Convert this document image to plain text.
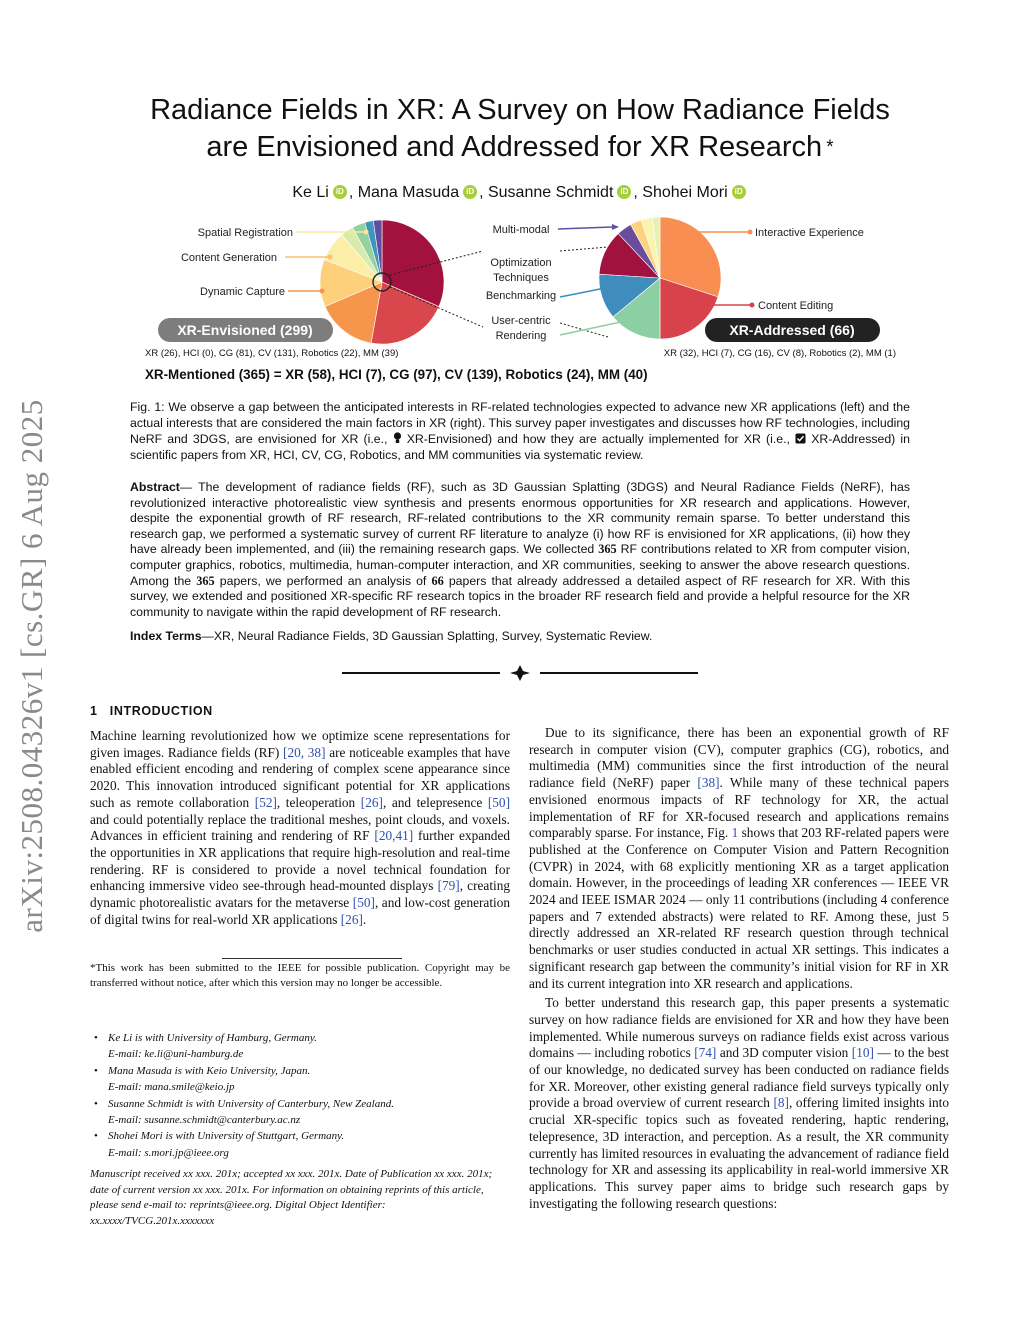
arXiv:2508.04326v1 [cs.GR] 6 Aug 2025
Radiance Fields in XR: A Survey on How Radiance Fields
are Envisioned and Addressed for XR Research *
Ke Li iD , Mana Masuda iD , Susanne Schmidt iD , Shohei Mori iD
Spatial Registration
Content Generation
Dynamic Capture
Multi-modal
Optimization
Techniques
Benchmarking
User-centric
Rendering
Interactive Experience
Content Editing
XR-Envisioned (299)	XR-Addressed (66)
XR (26), HCI (0), CG (81), CV (131), Robotics (22), MM (39)	XR (32), HCI (7), CG (16), CV (8), Robotics (2), MM (1)
XR-Mentioned (365) = XR (58), HCI (7), CG (97), CV (139), Robotics (24), MM (40)
Fig. 1: We observe a gap between the anticipated interests in RF-related technologies expected to advance new XR applications (left) and the actual interests that are considered the main factors in XR (right). This survey paper investigates and discusses how RF technologies, including NeRF and 3DGS, are envisioned for XR (i.e., XR-Envisioned) and how they are actually implemented for XR (i.e., XR-Addressed) in scientific papers from XR, HCI, CV, CG, Robotics, and MM communities via systematic review.
Abstract— The development of radiance fields (RF), such as 3D Gaussian Splatting (3DGS) and Neural Radiance Fields (NeRF), has revolutionized interactive photorealistic view synthesis and presents enormous opportunities for XR research and applications. However, despite the exponential growth of RF research, RF-related contributions to the XR community remain sparse. To better understand this research gap, we performed a systematic survey of current RF literature to analyze (i) how RF is envisioned for XR applications, (ii) how they have already been implemented, and (iii) the remaining research gaps. We collected 365 RF contributions related to XR from computer vision, computer graphics, robotics, multimedia, human-computer interaction, and XR communities, seeking to answer the above research questions. Among the 365 papers, we performed an analysis of 66 papers that already addressed a detailed aspect of RF research for XR. With this survey, we extended and positioned XR-specific RF research topics in the broader RF research field and provide a helpful resource for the XR community to navigate within the rapid development of RF research.
Index Terms—XR, Neural Radiance Fields, 3D Gaussian Splatting, Survey, Systematic Review.
1 INTRODUCTION

Machine learning revolutionized how we optimize scene representations for given images. Radiance fields (RF) [20, 38] are noticeable examples that have enabled efficient encoding and rendering of complex scene appearance since 2020. This innovation introduced significant potential for XR applications such as remote collaboration [52], teleoperation [26], and telepresence [50] and could potentially replace the traditional meshes, point clouds, and voxels. Advances in efficient training and rendering of RF [20,41] further expanded the opportunities in XR applications that require high-resolution and real-time rendering. RF is considered to provide a novel technical foundation for enhancing immersive video see-through head-mounted displays [79], creating dynamic photorealistic avatars for the metaverse [50], and low-cost generation of digital twins for real-world XR applications [26].

*This work has been submitted to the IEEE for possible publication. Copyright may be transferred without notice, after which this version may no longer be accessible.
• Ke Li is with University of Hamburg, Germany.
E-mail: ke.li@uni-hamburg.de
• Mana Masuda is with Keio University, Japan.
E-mail: mana.smile@keio.jp
• Susanne Schmidt is with University of Canterbury, New Zealand.
E-mail: susanne.schmidt@canterbury.ac.nz
• Shohei Mori is with University of Stuttgart, Germany.
E-mail: s.mori.jp@ieee.org
Manuscript received xx xxx. 201x; accepted xx xxx. 201x. Date of Publication xx xxx. 201x; date of current version xx xxx. 201x. For information on obtaining reprints of this article, please send e-mail to: reprints@ieee.org. Digital Object Identifier: xx.xxxx/TVCG.201x.xxxxxxx

Due to its significance, there has been an exponential growth of RF research in computer vision (CV), computer graphics (CG), robotics, and multimedia (MM) communities since the first introduction of the neural radiance field (NeRF) paper [38]. While many of these technical papers envisioned enormous impacts of RF technology for XR, the actual implementation of RF for XR-focused research and applications remains comparably sparse. For instance, Fig. 1 shows that 203 RF-related papers were published at the Conference on Computer Vision and Pattern Recognition (CVPR) in 2024, with 68 explicitly mentioning XR as a target application domain. However, in the proceedings of leading XR conferences — IEEE VR 2024 and IEEE ISMAR 2024 — only 11 contributions (including 4 conference papers and 7 extended abstracts) were related to RF. Among these, just 5 directly addressed an XR-related RF research question through technical benchmarks or user studies conducted in actual XR settings. This indicates a significant research gap between the community’s initial vision for RF in XR and its current integration into XR research and applications.

To better understand this research gap, this paper presents a systematic survey on how radiance fields are envisioned for XR and how they have been implemented. While numerous surveys on radiance fields exist across various domains — including robotics [74] and 3D computer vision [10] — to the best of our knowledge, no dedicated survey has been conducted on radiance fields for XR. Moreover, other existing general radiance field surveys typically only provide a broad overview of current research [8], offering limited insights into crucial XR-specific topics such as foveated rendering, haptic rendering, telepresence, 3D interaction, and perception. As a result, the XR community currently has limited resources in evaluating the advancement of radiance field technology for XR and assessing its applicability in real-world immersive XR applications. This survey paper aims to bridge such research gaps by investigating the following research questions:
